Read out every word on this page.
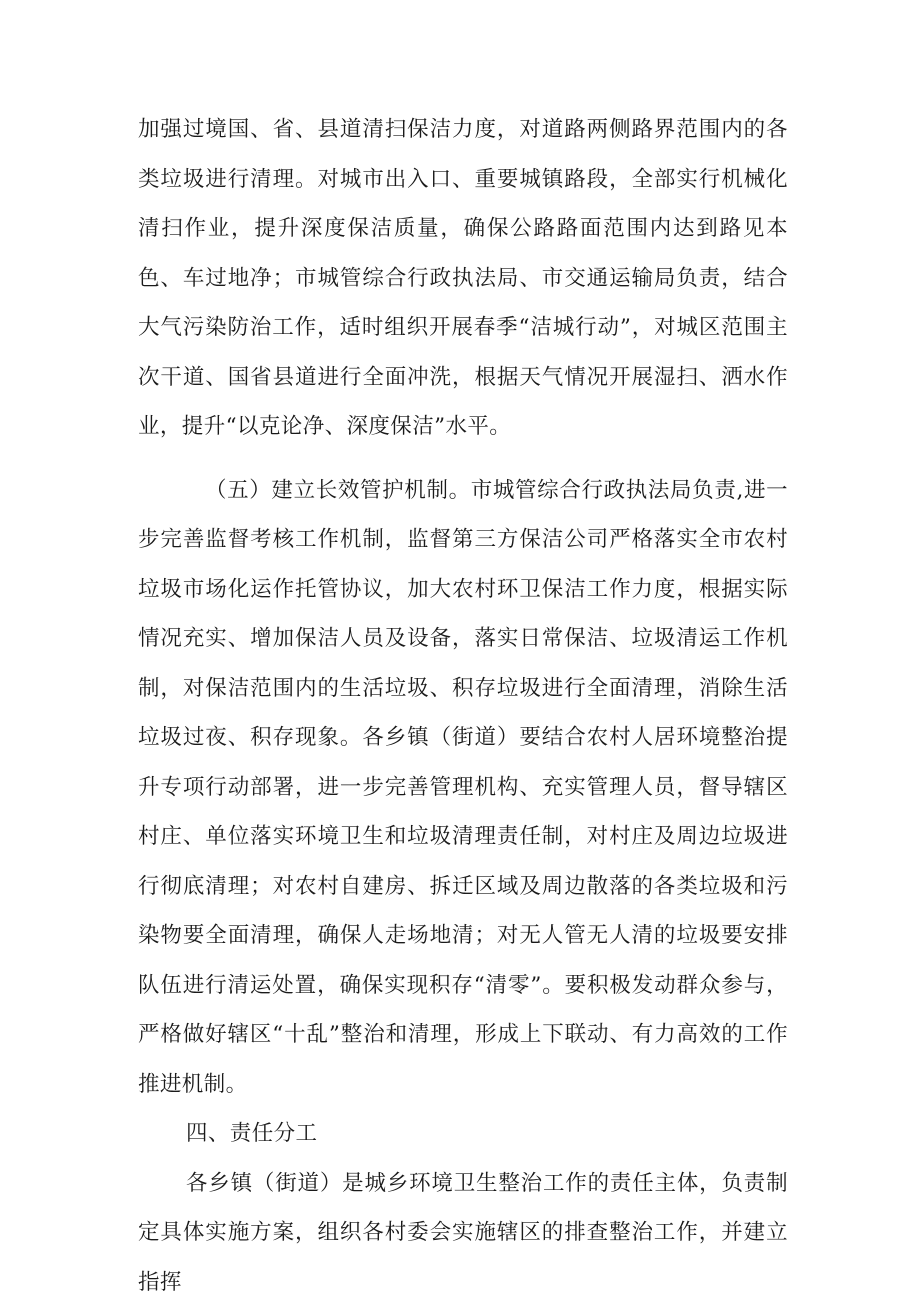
加强过境国、省、县道清扫保洁力度，对道路两侧路界范围内的各类垃圾进行清理。对城市出入口、重要城镇路段，全部实行机械化清扫作业，提升深度保洁质量，确保公路路面范围内达到路见本色、车过地净；市城管综合行政执法局、市交通运输局负责，结合大气污染防治工作，适时组织开展春季“洁城行动”，对城区范围主次干道、国省县道进行全面冲洗，根据天气情况开展湿扫、洒水作业，提升“以克论净、深度保洁”水平。

（五）建立长效管护机制。市城管综合行政执法局负责,进一步完善监督考核工作机制，监督第三方保洁公司严格落实全市农村垃圾市场化运作托管协议，加大农村环卫保洁工作力度，根据实际情况充实、增加保洁人员及设备，落实日常保洁、垃圾清运工作机制，对保洁范围内的生活垃圾、积存垃圾进行全面清理，消除生活垃圾过夜、积存现象。各乡镇（街道）要结合农村人居环境整治提升专项行动部署，进一步完善管理机构、充实管理人员，督导辖区村庄、单位落实环境卫生和垃圾清理责任制，对村庄及周边垃圾进行彻底清理；对农村自建房、拆迁区域及周边散落的各类垃圾和污染物要全面清理，确保人走场地清；对无人管无人清的垃圾要安排队伍进行清运处置，确保实现积存“清零”。要积极发动群众参与，严格做好辖区“十乱”整治和清理，形成上下联动、有力高效的工作推进机制。

四、责任分工

各乡镇（街道）是城乡环境卫生整治工作的责任主体，负责制定具体实施方案，组织各村委会实施辖区的排查整治工作，并建立指挥
